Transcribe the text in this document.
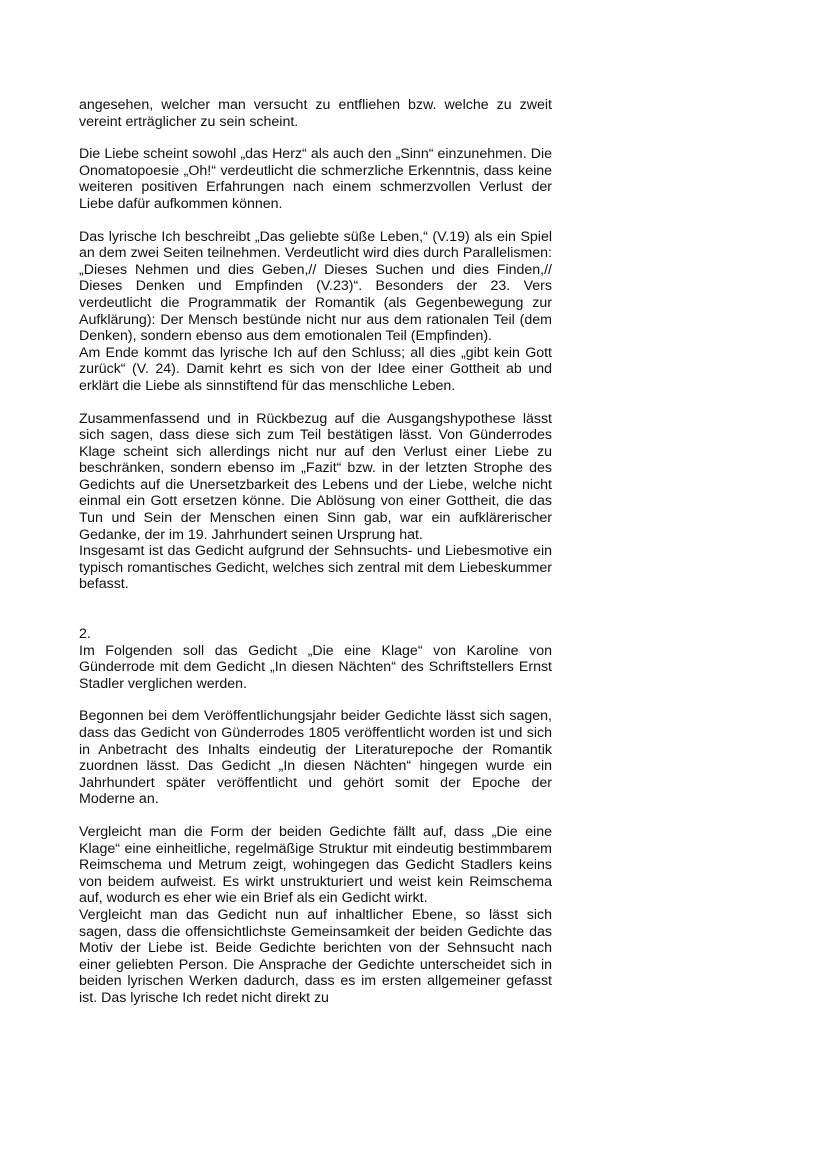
angesehen, welcher man versucht zu entfliehen bzw. welche zu zweit vereint erträglicher zu sein scheint.

Die Liebe scheint sowohl „das Herz“ als auch den „Sinn“ einzunehmen. Die Onomatopoesie „Oh!“ verdeutlicht die schmerzliche Erkenntnis, dass keine weiteren positiven Erfahrungen nach einem schmerzvollen Verlust der Liebe dafür aufkommen können.

Das lyrische Ich beschreibt „Das geliebte süße Leben,“ (V.19) als ein Spiel an dem zwei Seiten teilnehmen. Verdeutlicht wird dies durch Parallelismen: „Dieses Nehmen und dies Geben,// Dieses Suchen und dies Finden,// Dieses Denken und Empfinden (V.23)“. Besonders der 23. Vers verdeutlicht die Programmatik der Romantik (als Gegenbewegung zur Aufklärung): Der Mensch bestünde nicht nur aus dem rationalen Teil (dem Denken), sondern ebenso aus dem emotionalen Teil (Empfinden).

Am Ende kommt das lyrische Ich auf den Schluss; all dies „gibt kein Gott zurück“ (V. 24). Damit kehrt es sich von der Idee einer Gottheit ab und erklärt die Liebe als sinnstiftend für das menschliche Leben.

Zusammenfassend und in Rückbezug auf die Ausgangshypothese lässt sich sagen, dass diese sich zum Teil bestätigen lässt. Von Günderrodes Klage scheint sich allerdings nicht nur auf den Verlust einer Liebe zu beschränken, sondern ebenso im „Fazit“ bzw. in der letzten Strophe des Gedichts auf die Unersetzbarkeit des Lebens und der Liebe, welche nicht einmal ein Gott ersetzen könne. Die Ablösung von einer Gottheit, die das Tun und Sein der Menschen einen Sinn gab, war ein aufklärerischer Gedanke, der im 19. Jahrhundert seinen Ursprung hat.

Insgesamt ist das Gedicht aufgrund der Sehnsuchts- und Liebesmotive ein typisch romantisches Gedicht, welches sich zentral mit dem Liebeskummer befasst.

2.

Im Folgenden soll das Gedicht „Die eine Klage“ von Karoline von Günderrode mit dem Gedicht „In diesen Nächten“ des Schriftstellers Ernst Stadler verglichen werden.

Begonnen bei dem Veröffentlichungsjahr beider Gedichte lässt sich sagen, dass das Gedicht von Günderrodes 1805 veröffentlicht worden ist und sich in Anbetracht des Inhalts eindeutig der Literaturepoche der Romantik zuordnen lässt. Das Gedicht „In diesen Nächten“ hingegen wurde ein Jahrhundert später veröffentlicht und gehört somit der Epoche der Moderne an.

Vergleicht man die Form der beiden Gedichte fällt auf, dass „Die eine Klage“ eine einheitliche, regelmäßige Struktur mit eindeutig bestimmbarem Reimschema und Metrum zeigt, wohingegen das Gedicht Stadlers keins von beidem aufweist. Es wirkt unstrukturiert und weist kein Reimschema auf, wodurch es eher wie ein Brief als ein Gedicht wirkt.

Vergleicht man das Gedicht nun auf inhaltlicher Ebene, so lässt sich sagen, dass die offensichtlichste Gemeinsamkeit der beiden Gedichte das Motiv der Liebe ist. Beide Gedichte berichten von der Sehnsucht nach einer geliebten Person. Die Ansprache der Gedichte unterscheidet sich in beiden lyrischen Werken dadurch, dass es im ersten allgemeiner gefasst ist. Das lyrische Ich redet nicht direkt zu
